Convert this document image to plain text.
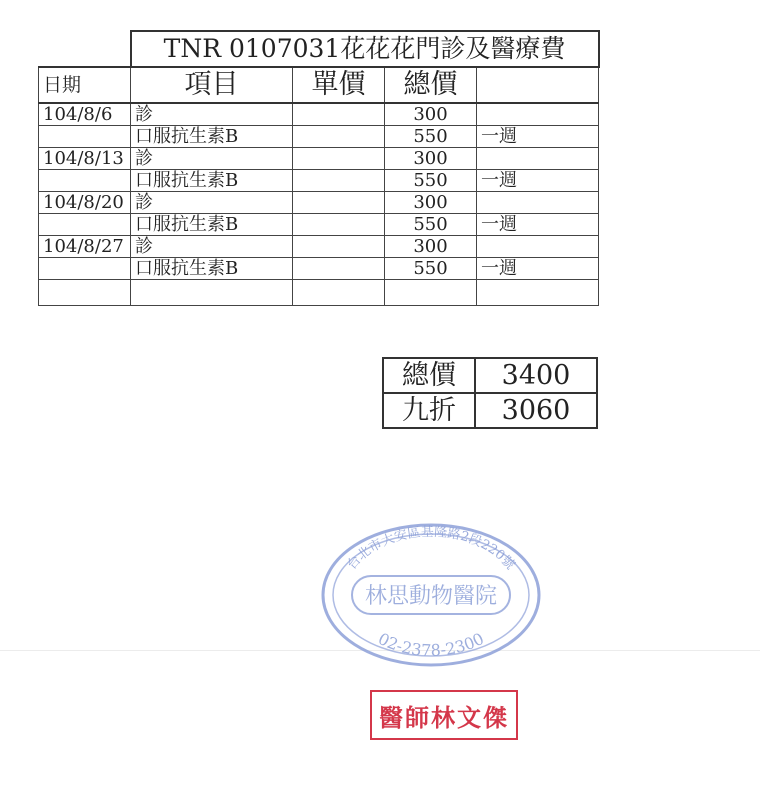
	TNR 0107031花花花門診及醫療費			
日期	項目	單價	總價	
104/8/6	診		300	
	口服抗生素B		550	一週
104/8/13	診		300	
	口服抗生素B		550	一週
104/8/20	診		300	
	口服抗生素B		550	一週
104/8/27	診		300	
	口服抗生素B		550	一週

總價	3400
九折	3060
台北市大安區基隆路2段220號
林思動物醫院
02-2378-2300
醫師林文傑
